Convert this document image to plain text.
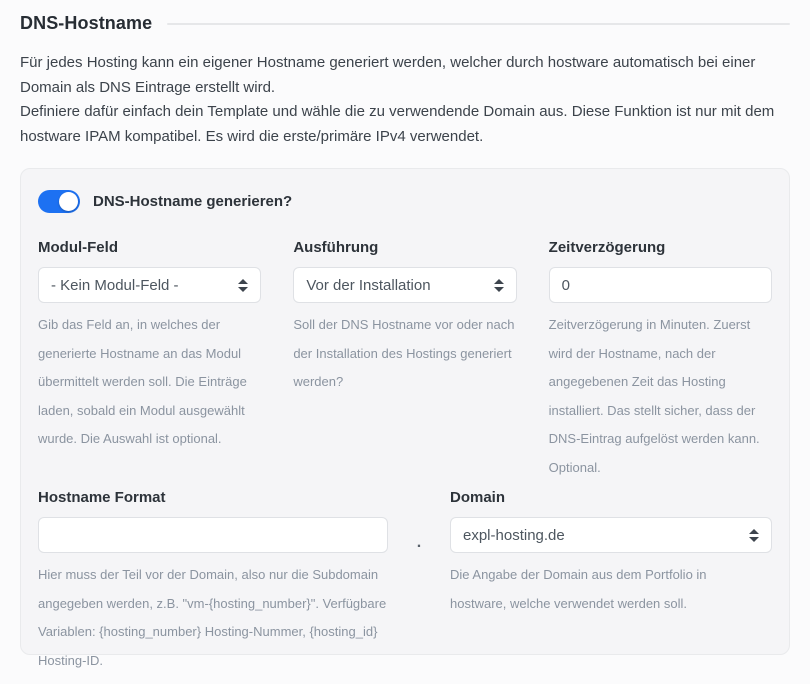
DNS-Hostname

Für jedes Hosting kann ein eigener Hostname generiert werden, welcher durch hostware automatisch bei einer Domain als DNS Eintrage erstellt wird.

Definiere dafür einfach dein Template und wähle die zu verwendende Domain aus. Diese Funktion ist nur mit dem hostware IPAM kompatibel. Es wird die erste/primäre IPv4 verwendet.

DNS-Hostname generieren?
Modul-Feld
- Kein Modul-Feld -
Gib das Feld an, in welches der generierte Hostname an das Modul übermittelt werden soll. Die Einträge laden, sobald ein Modul ausgewählt wurde. Die Auswahl ist optional.
Ausführung
Vor der Installation
Soll der DNS Hostname vor oder nach der Installation des Hostings generiert werden?
Zeitverzögerung
0
Zeitverzögerung in Minuten. Zuerst wird der Hostname, nach der angegebenen Zeit das Hosting installiert. Das stellt sicher, dass der DNS-Eintrag aufgelöst werden kann. Optional.
Hostname Format
Hier muss der Teil vor der Domain, also nur die Subdomain angegeben werden, z.B. "vm-{hosting_number}". Verfügbare Variablen: {hosting_number} Hosting-Nummer, {hosting_id} Hosting-ID.
.
Domain
expl-hosting.de
Die Angabe der Domain aus dem Portfolio in hostware, welche verwendet werden soll.
